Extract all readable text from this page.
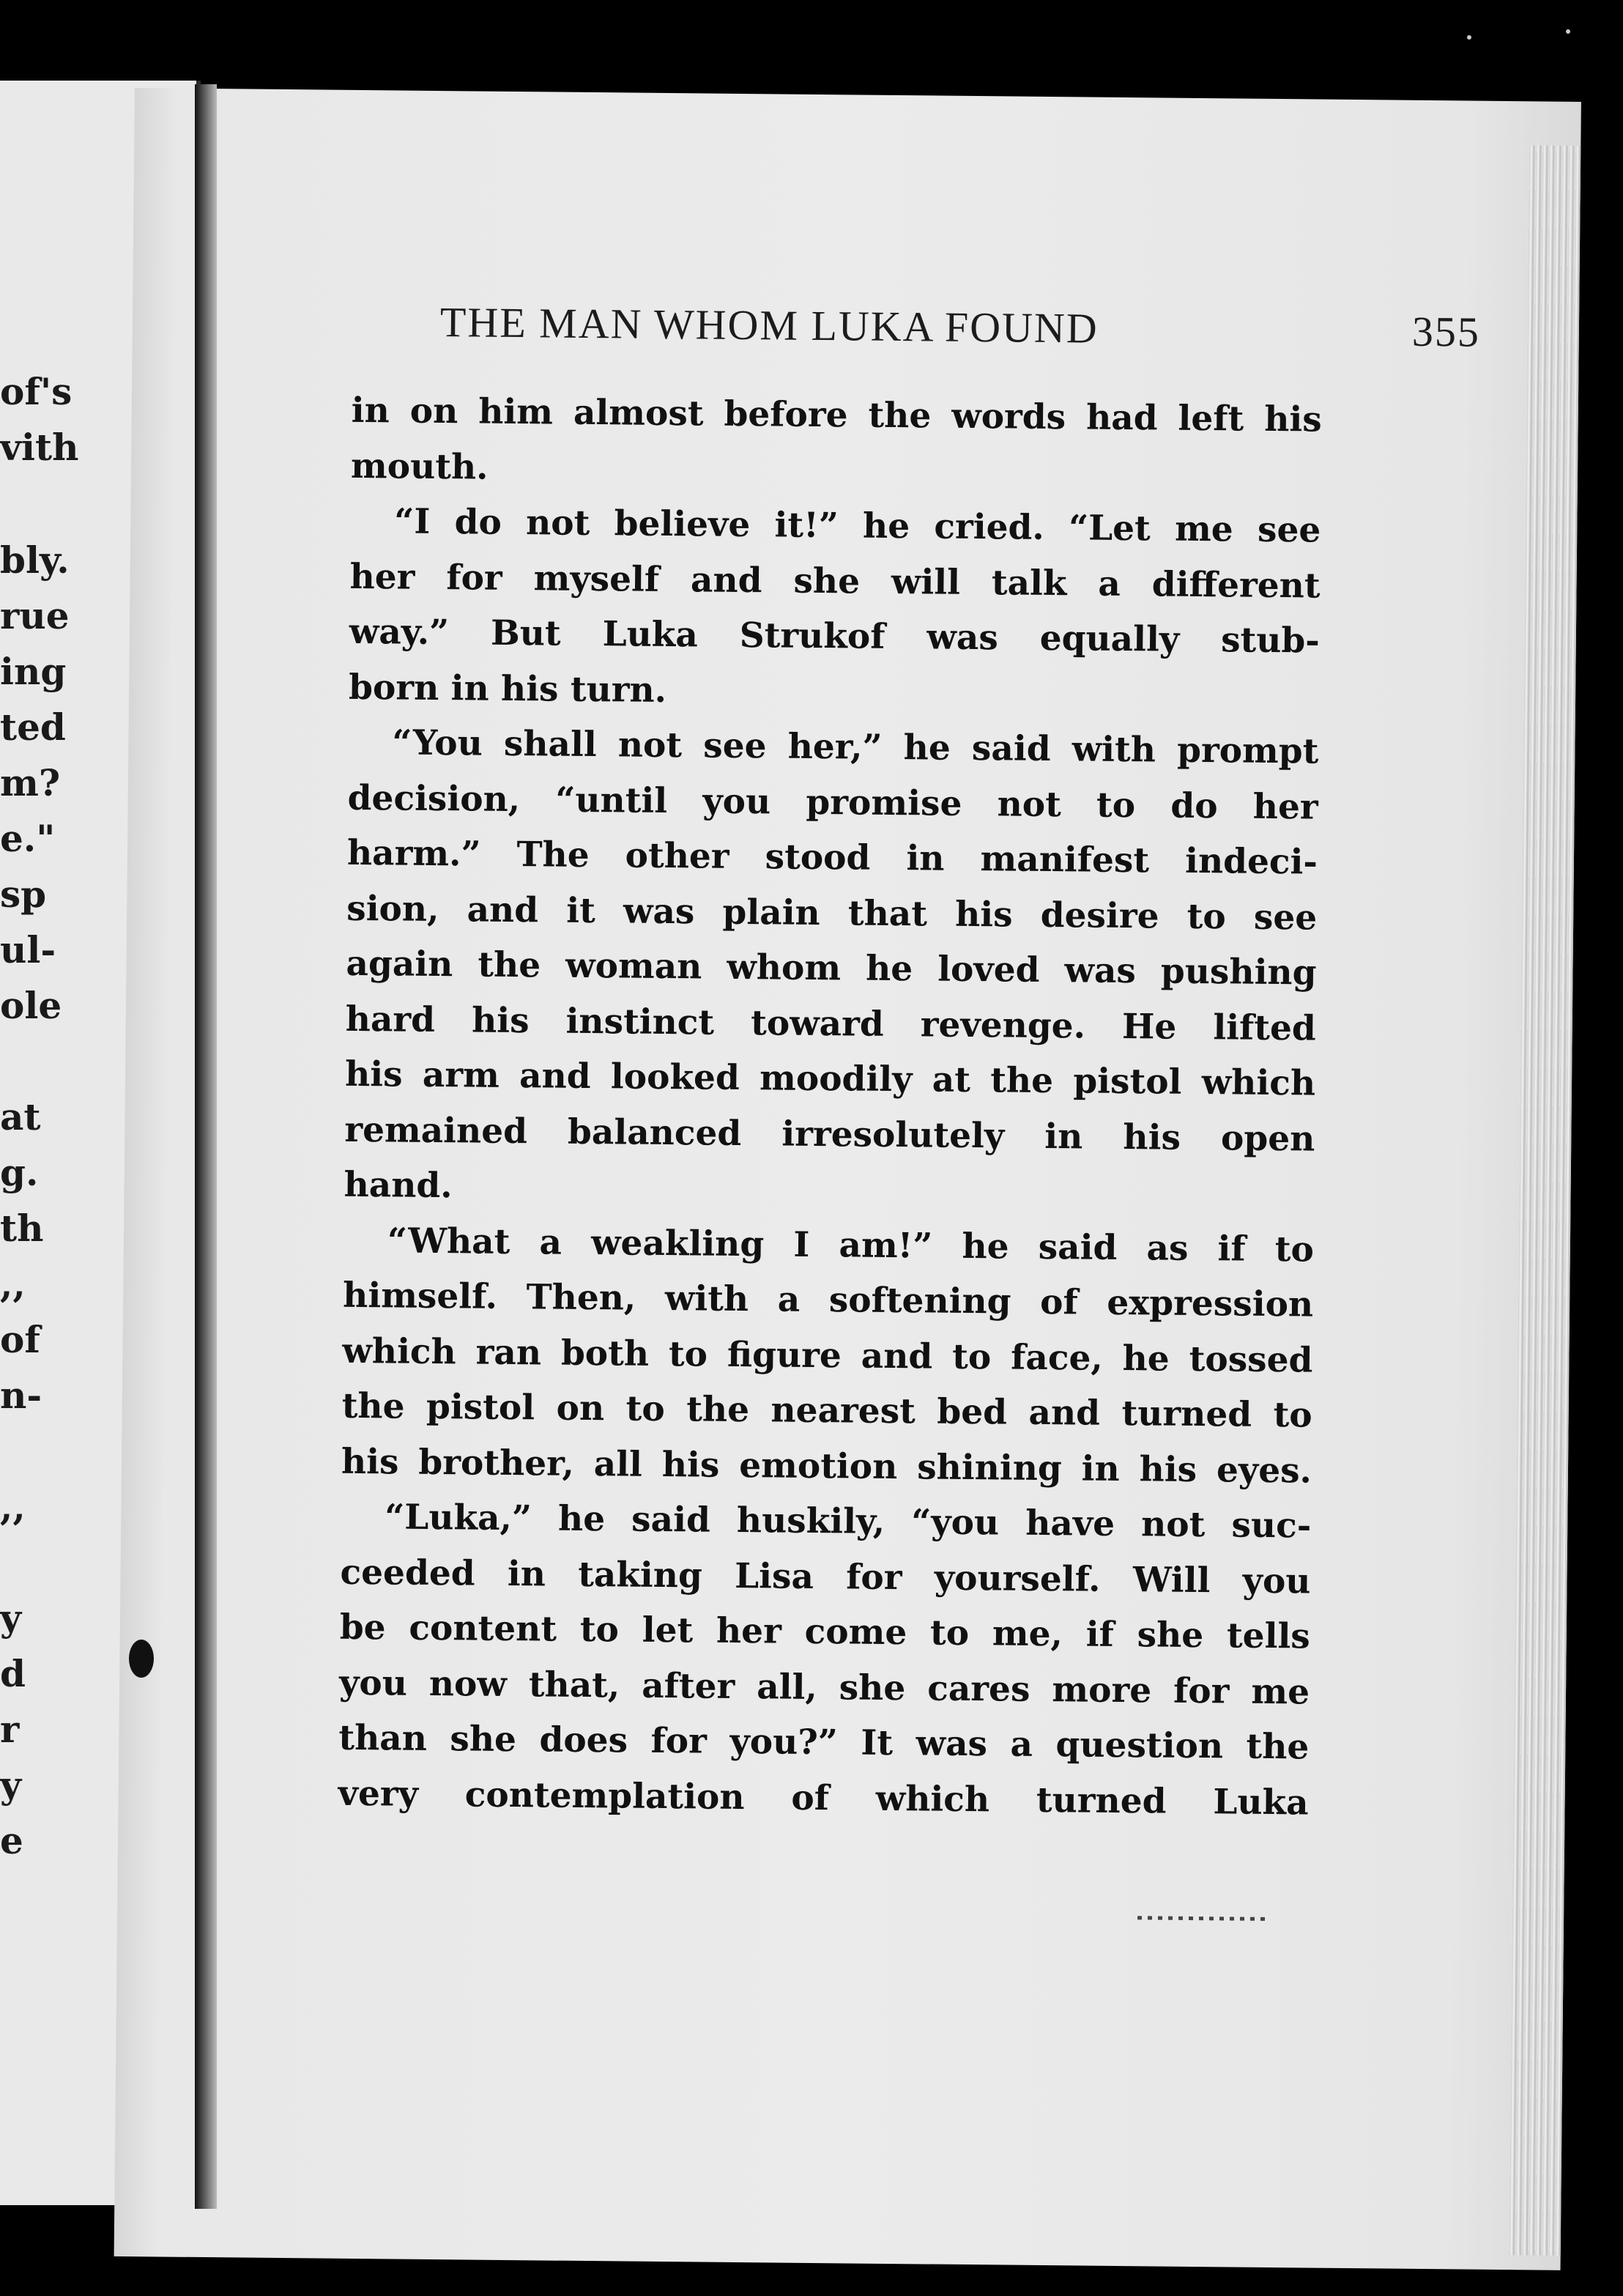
of's
vith
bly.
rue
ing
ted
m?
e."
sp
ul-
ole
at
g.
th
,,
of
n-
,,
y
d
r
y
e
THE MAN WHOM LUKA FOUND	355
in on him almost before the words had left his
mouth.
“I do not believe it!” he cried. “Let me see
her for myself and she will talk a different
way.” But Luka Strukof was equally stub-
born in his turn.
“You shall not see her,” he said with prompt
decision, “until you promise not to do her
harm.” The other stood in manifest indeci-
sion, and it was plain that his desire to see
again the woman whom he loved was pushing
hard his instinct toward revenge. He lifted
his arm and looked moodily at the pistol which
remained balanced irresolutely in his open
hand.
“What a weakling I am!” he said as if to
himself. Then, with a softening of expression
which ran both to figure and to face, he tossed
the pistol on to the nearest bed and turned to
his brother, all his emotion shining in his eyes.
“Luka,” he said huskily, “you have not suc-
ceeded in taking Lisa for yourself. Will you
be content to let her come to me, if she tells
you now that, after all, she cares more for me
than she does for you?” It was a question the
very contemplation of which turned Luka
